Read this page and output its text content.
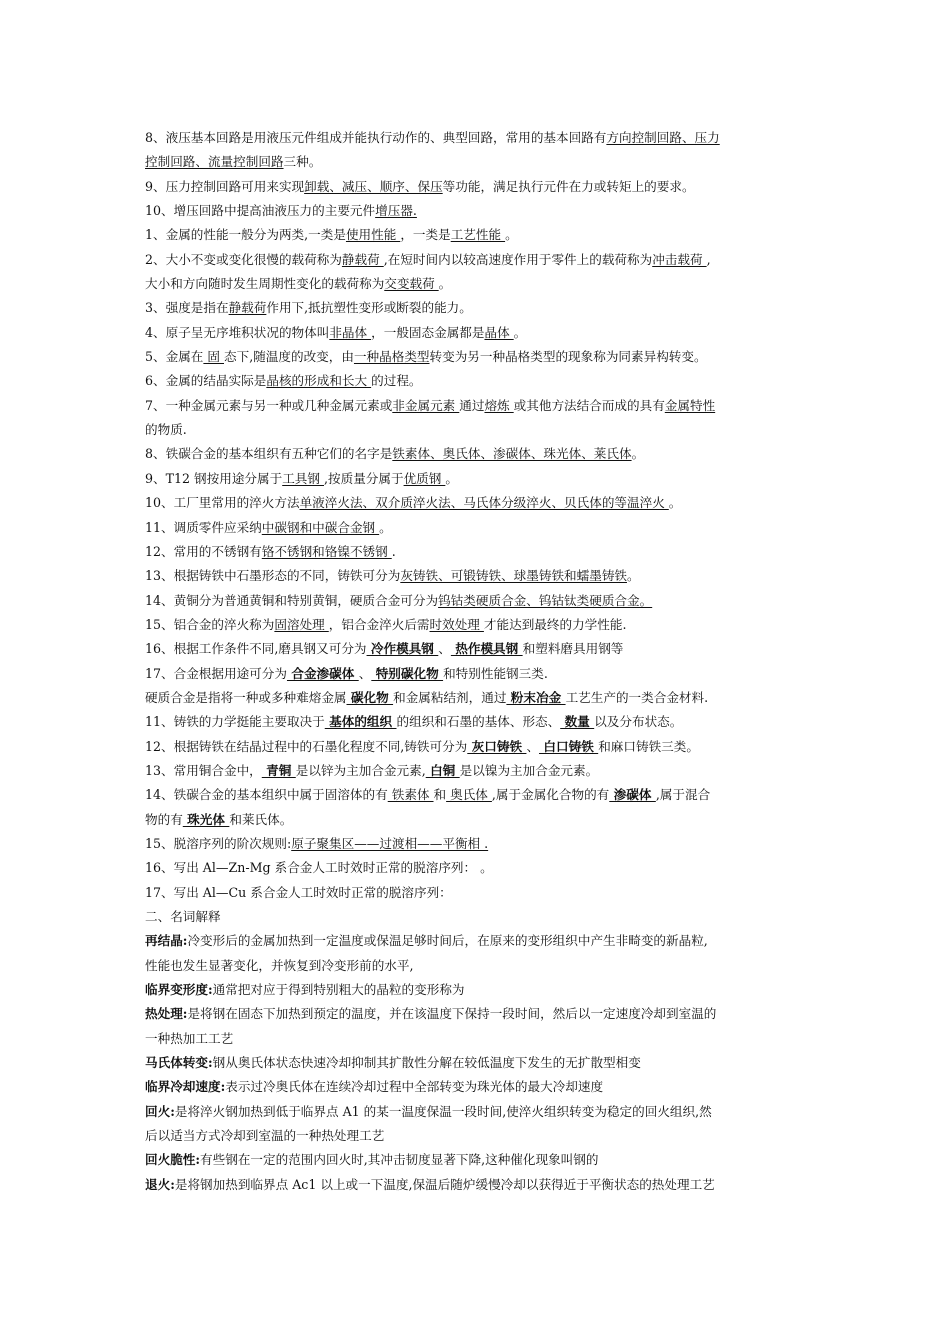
8、液压基本回路是用液压元件组成并能执行动作的、典型回路，常用的基本回路有方向控制回路、压力
控制回路、流量控制回路三种。
9、压力控制回路可用来实现卸载、减压、顺序、保压等功能，满足执行元件在力或转矩上的要求。
10、增压回路中提高油液压力的主要元件增压器.
1、金属的性能一般分为两类,一类是使用性能 ，一类是工艺性能 。
2、大小不变或变化很慢的载荷称为静载荷 ,在短时间内以较高速度作用于零件上的载荷称为冲击载荷 ,
大小和方向随时发生周期性变化的载荷称为交变载荷 。
3、强度是指在静载荷作用下,抵抗塑性变形或断裂的能力。
4、原子呈无序堆积状况的物体叫非晶体 ，一般固态金属都是晶体 。
5、金属在 固 态下,随温度的改变，由一种晶格类型转变为另一种晶格类型的现象称为同素异构转变。
6、金属的结晶实际是晶核的形成和长大 的过程。
7、一种金属元素与另一种或几种金属元素或非金属元素 通过熔炼 或其他方法结合而成的具有金属特性
的物质.
8、铁碳合金的基本组织有五种它们的名字是铁素体、奥氏体、渗碳体、珠光体、莱氏体。
9、T12 钢按用途分属于工具钢 ,按质量分属于优质钢 。
10、工厂里常用的淬火方法单液淬火法、双介质淬火法、马氏体分级淬火、贝氏体的等温淬火 。
11、调质零件应采纳中碳钢和中碳合金钢 。
12、常用的不锈钢有铬不锈钢和铬镍不锈钢 .
13、根据铸铁中石墨形态的不同，铸铁可分为灰铸铁、可锻铸铁、球墨铸铁和蠕墨铸铁。
14、黄铜分为普通黄铜和特别黄铜，硬质合金可分为钨钴类硬质合金、钨钴钛类硬质合金。
15、铝合金的淬火称为固溶处理 ，铝合金淬火后需时效处理 才能达到最终的力学性能.
16、根据工作条件不同,磨具钢又可分为 冷作模具钢 、 热作模具钢 和塑料磨具用钢等
17、合金根据用途可分为 合金渗碳体 、 特别碳化物 和特别性能钢三类.
硬质合金是指将一种或多种难熔金属 碳化物 和金属粘结剂，通过 粉末冶金 工艺生产的一类合金材料.
11、铸铁的力学挺能主要取决于 基体的组织 的组织和石墨的基体、形态、 数量 以及分布状态。
12、根据铸铁在结晶过程中的石墨化程度不同,铸铁可分为 灰口铸铁 、 白口铸铁 和麻口铸铁三类。
13、常用铜合金中， 青铜 是以锌为主加合金元素, 白铜 是以镍为主加合金元素。
14、铁碳合金的基本组织中属于固溶体的有 铁素体 和 奥氏体 ,属于金属化合物的有 渗碳体 ,属于混合
物的有 珠光体 和莱氏体。
15、脱溶序列的阶次规则:原子聚集区——过渡相——平衡相 .
16、写出 Al—Zn-Mg 系合金人工时效时正常的脱溶序列： 。
17、写出 Al—Cu 系合金人工时效时正常的脱溶序列：
二、名词解释
再结晶:冷变形后的金属加热到一定温度或保温足够时间后，在原来的变形组织中产生非畸变的新晶粒,
性能也发生显著变化，并恢复到冷变形前的水平,
临界变形度:通常把对应于得到特别粗大的晶粒的变形称为
热处理:是将钢在固态下加热到预定的温度，并在该温度下保持一段时间，然后以一定速度冷却到室温的
一种热加工工艺
马氏体转变:钢从奥氏体状态快速冷却抑制其扩散性分解在较低温度下发生的无扩散型相变
临界冷却速度:表示过冷奥氏体在连续冷却过程中全部转变为珠光体的最大冷却速度
回火:是将淬火钢加热到低于临界点 A1 的某一温度保温一段时间,使淬火组织转变为稳定的回火组织,然
后以适当方式冷却到室温的一种热处理工艺
回火脆性:有些钢在一定的范围内回火时,其冲击韧度显著下降,这种催化现象叫钢的
退火:是将钢加热到临界点 Ac1 以上或一下温度,保温后随炉缓慢冷却以获得近于平衡状态的热处理工艺
